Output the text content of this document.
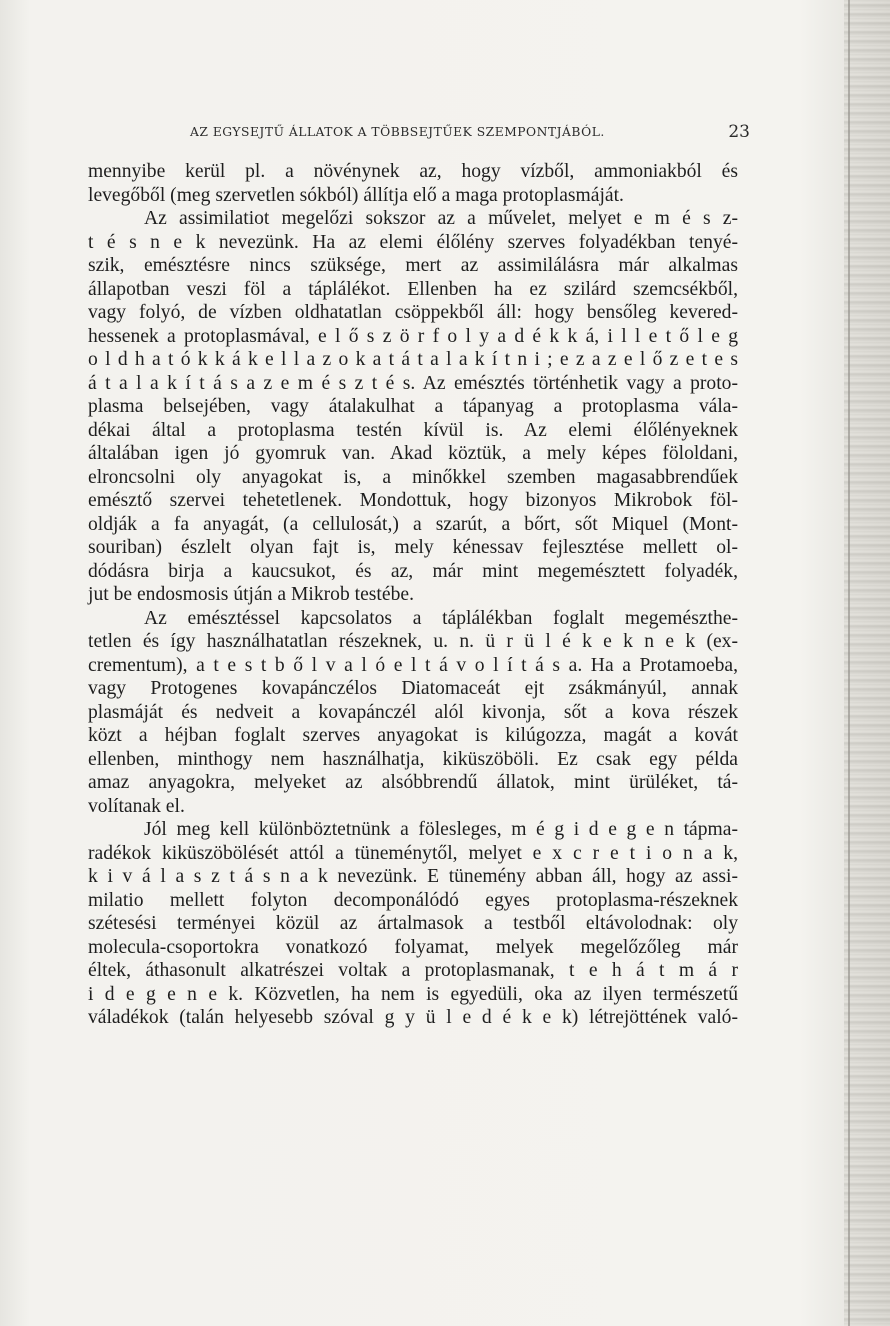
AZ EGYSEJTŰ ÁLLATOK A TÖBBSEJTŰEK SZEMPONTJÁBÓL.	23
mennyibe kerül pl. a növénynek az, hogy vízből, ammoniakból és
levegőből (meg szervetlen sókból) állítja elő a maga protoplasmáját.
Az assimilatiot megelőzi sokszor az a művelet, melyet e m é s z-
t é s n e k nevezünk. Ha az elemi élőlény szerves folyadékban tenyé-
szik, emésztésre nincs szüksége, mert az assimilálásra már alkalmas
állapotban veszi föl a táplálékot. Ellenben ha ez szilárd szemcsékből,
vagy folyó, de vízben oldhatatlan csöppekből áll: hogy bensőleg kevered-
hessenek a protoplasmával, e l ő s z ö r f o l y a d é k k á, i l l e t ő l e g
o l d h a t ó k k á k e l l a z o k a t á t a l a k í t n i ; e z a z e l ő z e t e s
á t a l a k í t á s a z e m é s z t é s. Az emésztés történhetik vagy a proto-
plasma belsejében, vagy átalakulhat a tápanyag a protoplasma vála-
dékai által a protoplasma testén kívül is. Az elemi élőlényeknek
általában igen jó gyomruk van. Akad köztük, a mely képes föloldani,
elroncsolni oly anyagokat is, a minőkkel szemben magasabbrendűek
emésztő szervei tehetetlenek. Mondottuk, hogy bizonyos Mikrobok föl-
oldják a fa anyagát, (a cellulosát,) a szarút, a bőrt, sőt Miquel (Mont-
souriban) észlelt olyan fajt is, mely kénessav fejlesztése mellett ol-
dódásra birja a kaucsukot, és az, már mint megemésztett folyadék,
jut be endosmosis útján a Mikrob testébe.
Az emésztéssel kapcsolatos a táplálékban foglalt megemészthe-
tetlen és így használhatatlan részeknek, u. n. ü r ü l é k e k n e k (ex-
crementum), a t e s t b ő l v a l ó e l t á v o l í t á s a. Ha a Protamoeba,
vagy Protogenes kovapánczélos Diatomaceát ejt zsákmányúl, annak
plasmáját és nedveit a kovapánczél alól kivonja, sőt a kova részek
közt a héjban foglalt szerves anyagokat is kilúgozza, magát a kovát
ellenben, minthogy nem használhatja, kiküszöböli. Ez csak egy példa
amaz anyagokra, melyeket az alsóbbrendű állatok, mint ürüléket, tá-
volítanak el.
Jól meg kell különböztetnünk a fölesleges, m é g i d e g e n tápma-
radékok kiküszöbölését attól a tüneménytől, melyet e x c r e t i o n a k,
k i v á l a s z t á s n a k nevezünk. E tünemény abban áll, hogy az assi-
milatio mellett folyton decomponálódó egyes protoplasma-részeknek
szétesési terményei közül az ártalmasok a testből eltávolodnak: oly
molecula-csoportokra vonatkozó folyamat, melyek megelőzőleg már
éltek, áthasonult alkatrészei voltak a protoplasmanak, t e h á t m á r
i d e g e n e k. Közvetlen, ha nem is egyedüli, oka az ilyen természetű
váladékok (talán helyesebb szóval g y ü l e d é k e k) létrejöttének való-
